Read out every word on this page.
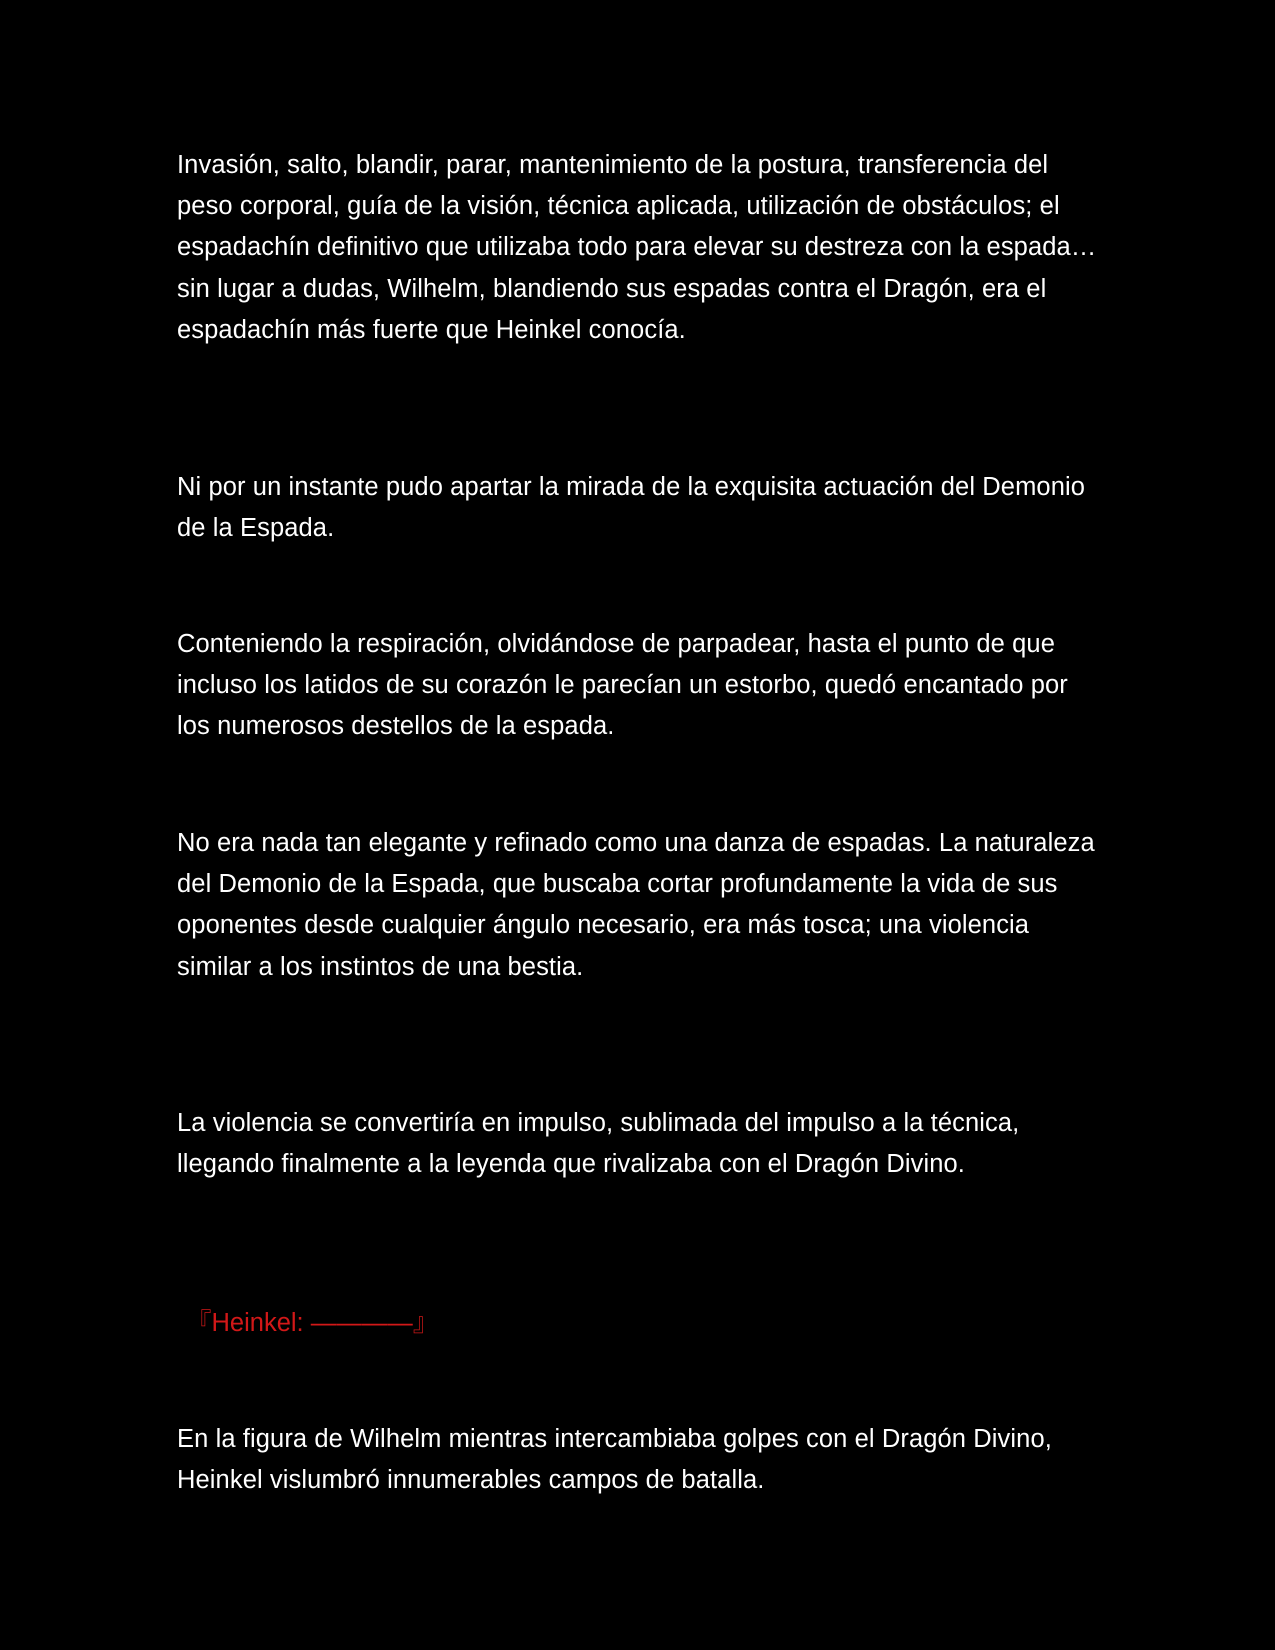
Invasión, salto, blandir, parar, mantenimiento de la postura, transferencia del peso corporal, guía de la visión, técnica aplicada, utilización de obstáculos; el espadachín definitivo que utilizaba todo para elevar su destreza con la espada… sin lugar a dudas, Wilhelm, blandiendo sus espadas contra el Dragón, era el espadachín más fuerte que Heinkel conocía.

Ni por un instante pudo apartar la mirada de la exquisita actuación del Demonio de la Espada.

Conteniendo la respiración, olvidándose de parpadear, hasta el punto de que incluso los latidos de su corazón le parecían un estorbo, quedó encantado por los numerosos destellos de la espada.

No era nada tan elegante y refinado como una danza de espadas. La naturaleza del Demonio de la Espada, que buscaba cortar profundamente la vida de sus oponentes desde cualquier ángulo necesario, era más tosca; una violencia similar a los instintos de una bestia.

La violencia se convertiría en impulso, sublimada del impulso a la técnica, llegando finalmente a la leyenda que rivalizaba con el Dragón Divino.

『Heinkel: ————』

En la figura de Wilhelm mientras intercambiaba golpes con el Dragón Divino, Heinkel vislumbró innumerables campos de batalla.
